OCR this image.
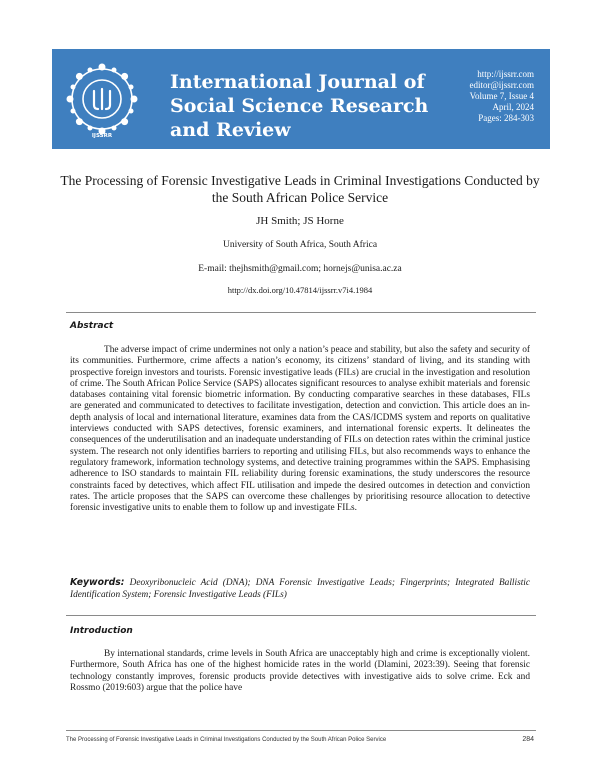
IJSSRR
International Journal of Social Science Research and Review
http://ijssrr.com
editor@ijssrr.com
Volume 7, Issue 4
April, 2024
Pages: 284-303
The Processing of Forensic Investigative Leads in Criminal Investigations Conducted by the South African Police Service
JH Smith; JS Horne
University of South Africa, South Africa
E-mail: thejhsmith@gmail.com; hornejs@unisa.ac.za
http://dx.doi.org/10.47814/ijssrr.v7i4.1984
Abstract
The adverse impact of crime undermines not only a nation’s peace and stability, but also the safety and security of its communities. Furthermore, crime affects a nation’s economy, its citizens’ standard of living, and its standing with prospective foreign investors and tourists. Forensic investigative leads (FILs) are crucial in the investigation and resolution of crime. The South African Police Service (SAPS) allocates significant resources to analyse exhibit materials and forensic databases containing vital forensic biometric information. By conducting comparative searches in these databases, FILs are generated and communicated to detectives to facilitate investigation, detection and conviction. This article does an in-depth analysis of local and international literature, examines data from the CAS/ICDMS system and reports on qualitative interviews conducted with SAPS detectives, forensic examiners, and international forensic experts. It delineates the consequences of the underutilisation and an inadequate understanding of FILs on detection rates within the criminal justice system. The research not only identifies barriers to reporting and utilising FILs, but also recommends ways to enhance the regulatory framework, information technology systems, and detective training programmes within the SAPS. Emphasising adherence to ISO standards to maintain FIL reliability during forensic examinations, the study underscores the resource constraints faced by detectives, which affect FIL utilisation and impede the desired outcomes in detection and conviction rates. The article proposes that the SAPS can overcome these challenges by prioritising resource allocation to detective forensic investigative units to enable them to follow up and investigate FILs.
Keywords: Deoxyribonucleic Acid (DNA); DNA Forensic Investigative Leads; Fingerprints; Integrated Ballistic Identification System; Forensic Investigative Leads (FILs)
Introduction
By international standards, crime levels in South Africa are unacceptably high and crime is exceptionally violent. Furthermore, South Africa has one of the highest homicide rates in the world (Dlamini, 2023:39). Seeing that forensic technology constantly improves, forensic products provide detectives with investigative aids to solve crime. Eck and Rossmo (2019:603) argue that the police have
The Processing of Forensic Investigative Leads in Criminal Investigations Conducted by the South African Police Service	284
